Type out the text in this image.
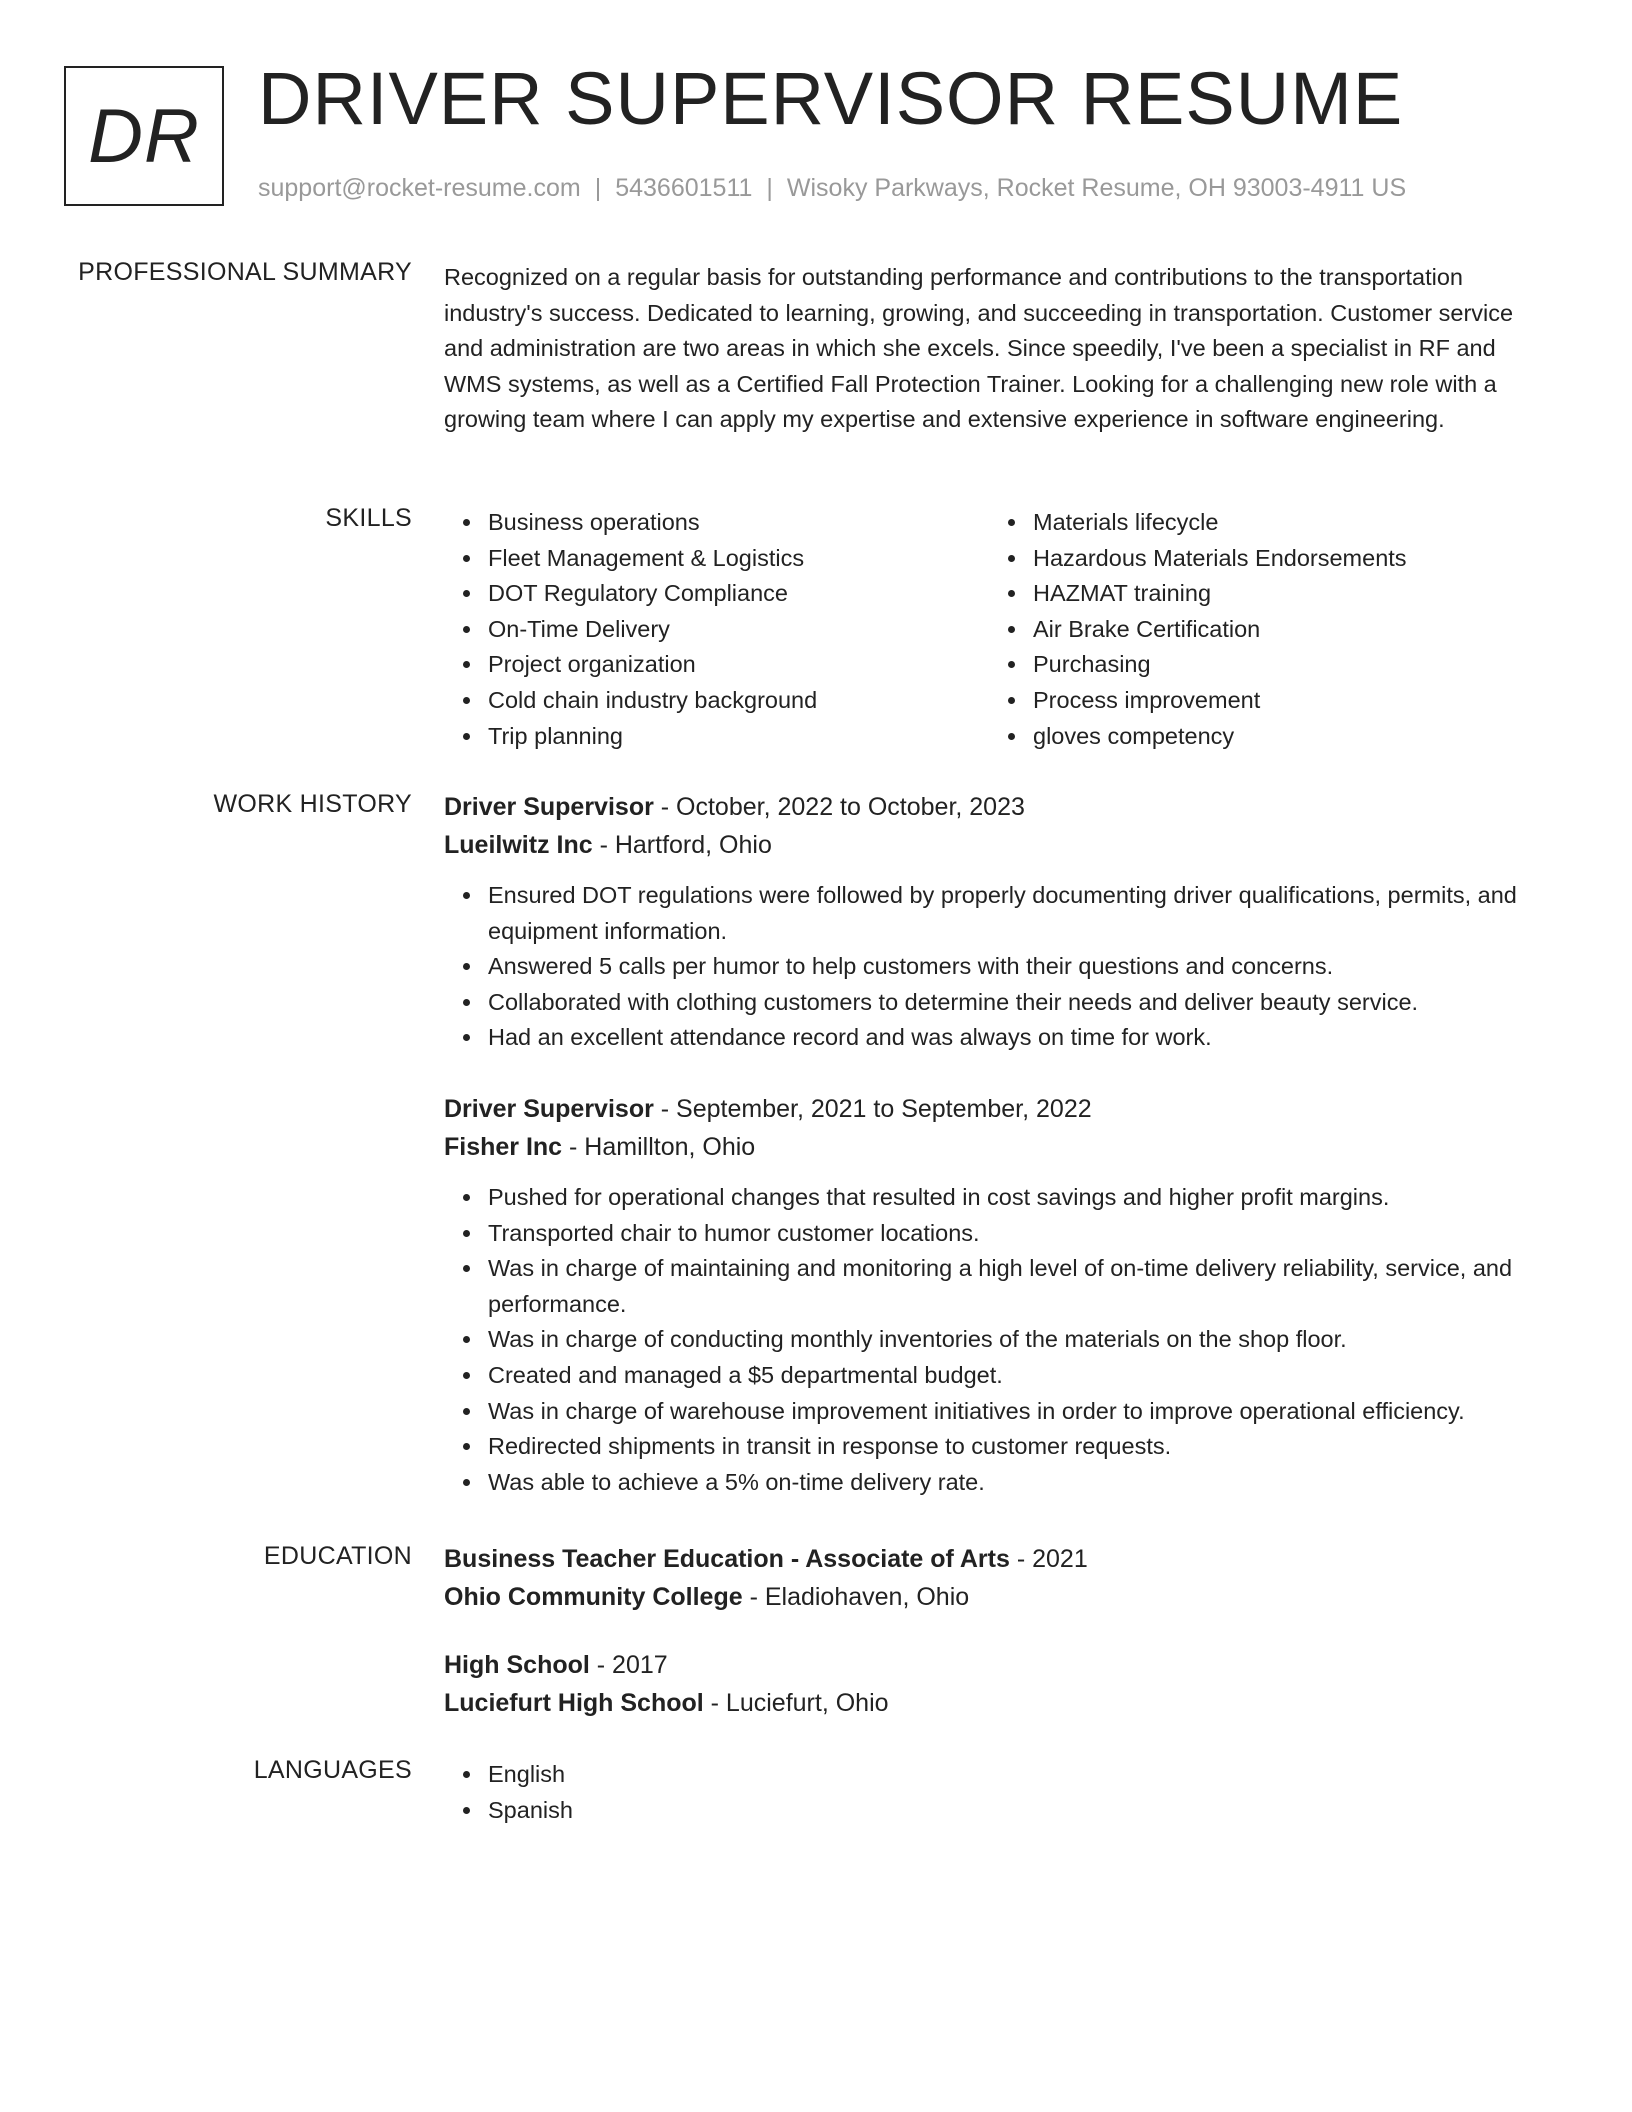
DR DRIVER SUPERVISOR RESUME
support@rocket-resume.com | 5436601511 | Wisoky Parkways, Rocket Resume, OH 93003-4911 US
PROFESSIONAL SUMMARY Recognized on a regular basis for outstanding performance and contributions to the transportation industry's success. Dedicated to learning, growing, and succeeding in transportation. Customer service and administration are two areas in which she excels. Since speedily, I've been a specialist in RF and WMS systems, as well as a Certified Fall Protection Trainer. Looking for a challenging new role with a growing team where I can apply my expertise and extensive experience in software engineering.

SKILLS	Business operations
Fleet Management & Logistics
DOT Regulatory Compliance
On-Time Delivery
Project organization
Cold chain industry background
Trip planning
Materials lifecycle
Hazardous Materials Endorsements
HAZMAT training
Air Brake Certification
Purchasing
Process improvement
gloves competency
WORK HISTORY Driver Supervisor - October, 2022 to October, 2023
Lueilwitz Inc - Hartford, Ohio
Ensured DOT regulations were followed by properly documenting driver qualifications, permits, and equipment information.
Answered 5 calls per humor to help customers with their questions and concerns.
Collaborated with clothing customers to determine their needs and deliver beauty service.
Had an excellent attendance record and was always on time for work.
Driver Supervisor - September, 2021 to September, 2022
Fisher Inc - Hamillton, Ohio
Pushed for operational changes that resulted in cost savings and higher profit margins.
Transported chair to humor customer locations.
Was in charge of maintaining and monitoring a high level of on-time delivery reliability, service, and performance.
Was in charge of conducting monthly inventories of the materials on the shop floor.
Created and managed a $5 departmental budget.
Was in charge of warehouse improvement initiatives in order to improve operational efficiency.
Redirected shipments in transit in response to customer requests.
Was able to achieve a 5% on-time delivery rate.
EDUCATION Business Teacher Education - Associate of Arts - 2021
Ohio Community College - Eladiohaven, Ohio
High School - 2017
Luciefurt High School - Luciefurt, Ohio
LANGUAGES	English
Spanish
